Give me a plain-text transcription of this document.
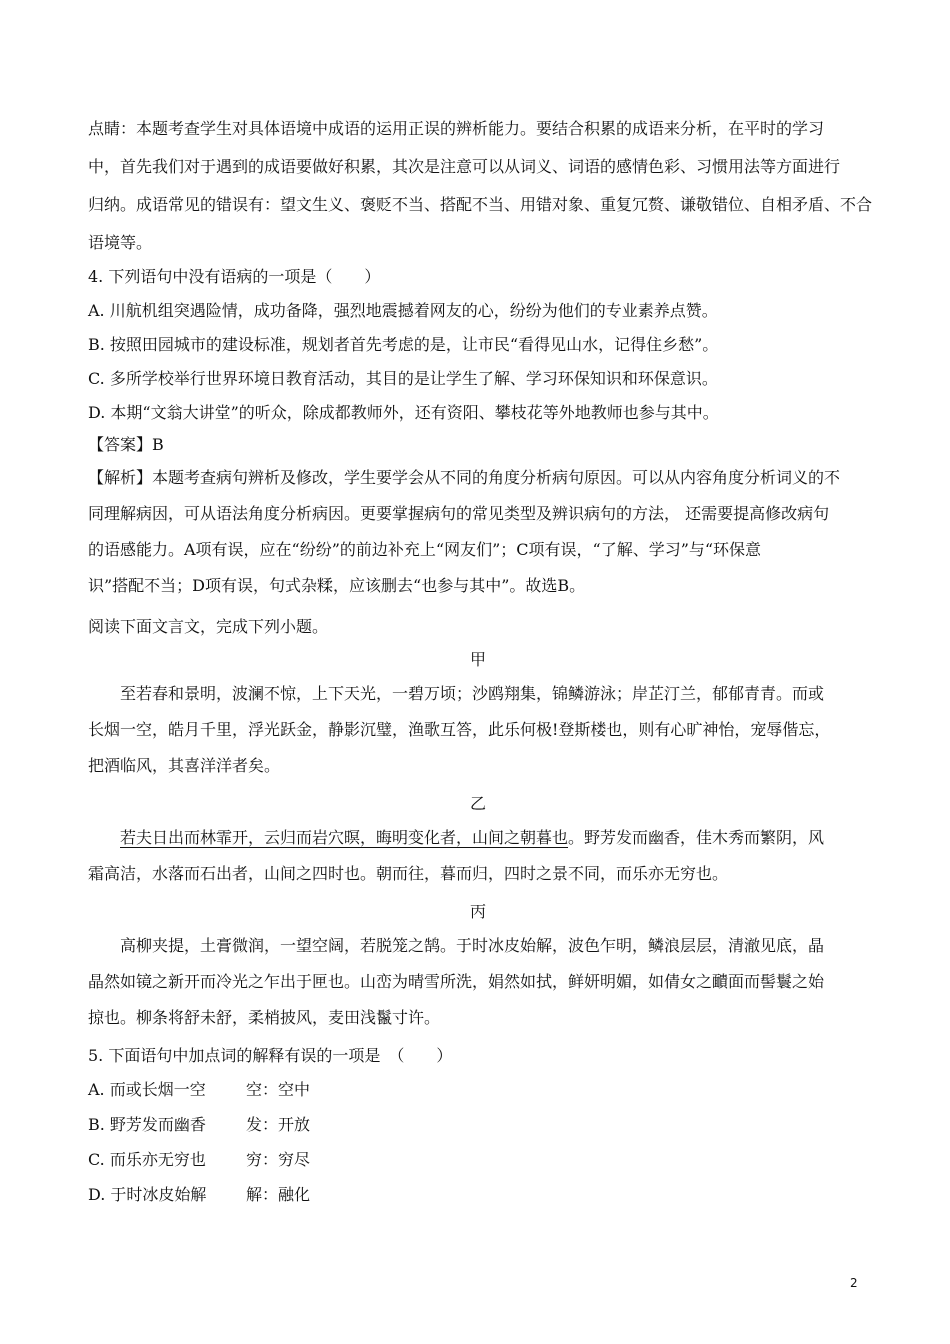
点睛：本题考查学生对具体语境中成语的运用正误的辨析能力。要结合积累的成语来分析，在平时的学习
中，首先我们对于遇到的成语要做好积累，其次是注意可以从词义、词语的感情色彩、习惯用法等方面进行
归纳。成语常见的错误有：望文生义、褒贬不当、搭配不当、用错对象、重复冗赘、谦敬错位、自相矛盾、不合
语境等。
4. 下列语句中没有语病的一项是（　　）
A. 川航机组突遇险情，成功备降，强烈地震撼着网友的心，纷纷为他们的专业素养点赞。
B. 按照田园城市的建设标准，规划者首先考虑的是，让市民“看得见山水，记得住乡愁”。
C. 多所学校举行世界环境日教育活动，其目的是让学生了解、学习环保知识和环保意识。
D. 本期“文翁大讲堂”的听众，除成都教师外，还有资阳、攀枝花等外地教师也参与其中。
【答案】B
【解析】本题考查病句辨析及修改，学生要学会从不同的角度分析病句原因。可以从内容角度分析词义的不
同理解病因，可从语法角度分析病因。更要掌握病句的常见类型及辨识病句的方法， 还需要提高修改病句
的语感能力。A项有误，应在“纷纷”的前边补充上“网友们”；C项有误，“了解、学习”与“环保意
识”搭配不当；D项有误，句式杂糅，应该删去“也参与其中”。故选B。
阅读下面文言文，完成下列小题。
甲
至若春和景明，波澜不惊，上下天光，一碧万顷；沙鸥翔集，锦鳞游泳；岸芷汀兰，郁郁青青。而或
长烟一空，皓月千里，浮光跃金，静影沉璧，渔歌互答，此乐何极!登斯楼也，则有心旷神怡，宠辱偕忘，
把酒临风，其喜洋洋者矣。
乙
若夫日出而林霏开，云归而岩穴暝，晦明变化者，山间之朝暮也。野芳发而幽香，佳木秀而繁阴，风
霜高洁，水落而石出者，山间之四时也。朝而往，暮而归，四时之景不同，而乐亦无穷也。
丙
高柳夹提，土膏微润，一望空阔，若脱笼之鹄。于时冰皮始解，波色乍明，鳞浪层层，清澈见底，晶
晶然如镜之新开而冷光之乍出于匣也。山峦为晴雪所洗，娟然如拭，鲜妍明媚，如倩女之靧面而髻鬟之始
掠也。柳条将舒未舒，柔梢披风，麦田浅鬣寸许。
5. 下面语句中加点词的解释有误的一项是　（　　）
A. 而或长烟一空	空：空中
B. 野芳发而幽香	发：开放
C. 而乐亦无穷也	穷：穷尽
D. 于时冰皮始解 解：融化
2
